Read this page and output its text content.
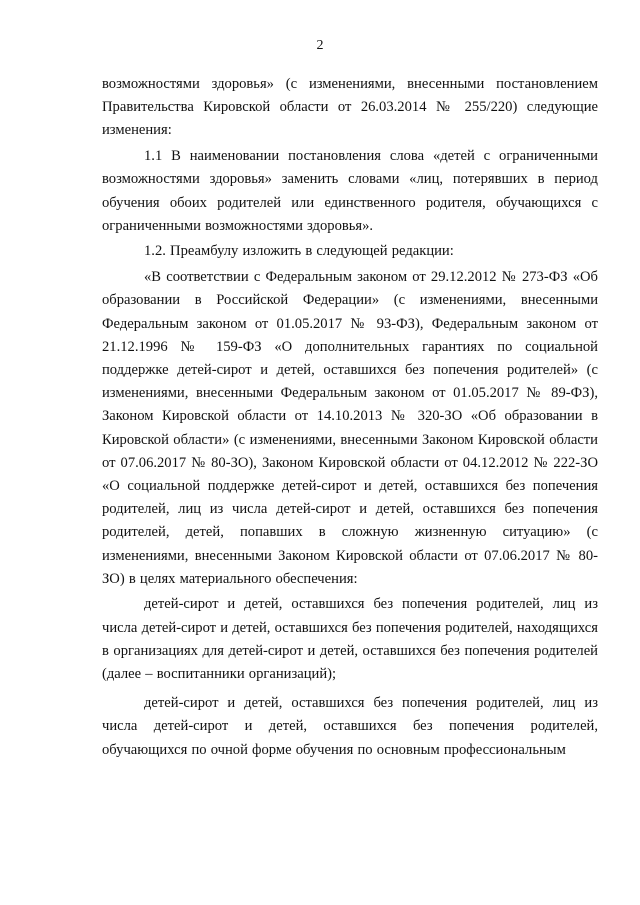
2

возможностями здоровья» (с изменениями, внесенными постановлением Правительства Кировской области от 26.03.2014 № 255/220) следующие изменения:

1.1 В наименовании постановления слова «детей с ограниченными возможностями здоровья» заменить словами «лиц, потерявших в период обучения обоих родителей или единственного родителя, обучающихся с ограниченными возможностями здоровья».

1.2. Преамбулу изложить в следующей редакции:

«В соответствии с Федеральным законом от 29.12.2012 № 273-ФЗ «Об образовании в Российской Федерации» (с изменениями, внесенными Федеральным законом от 01.05.2017 № 93-ФЗ), Федеральным законом от 21.12.1996 № 159-ФЗ «О дополнительных гарантиях по социальной поддержке детей-сирот и детей, оставшихся без попечения родителей» (с изменениями, внесенными Федеральным законом от 01.05.2017 № 89-ФЗ), Законом Кировской области от 14.10.2013 № 320-ЗО «Об образовании в Кировской области» (с изменениями, внесенными Законом Кировской области от 07.06.2017 № 80-ЗО), Законом Кировской области от 04.12.2012 № 222-ЗО «О социальной поддержке детей-сирот и детей, оставшихся без попечения родителей, лиц из числа детей-сирот и детей, оставшихся без попечения родителей, детей, попавших в сложную жизненную ситуацию» (с изменениями, внесенными Законом Кировской области от 07.06.2017 № 80-ЗО) в целях материального обеспечения:

детей-сирот и детей, оставшихся без попечения родителей, лиц из числа детей-сирот и детей, оставшихся без попечения родителей, находящихся в организациях для детей-сирот и детей, оставшихся без попечения родителей (далее – воспитанники организаций);

детей-сирот и детей, оставшихся без попечения родителей, лиц из числа детей-сирот и детей, оставшихся без попечения родителей, обучающихся по очной форме обучения по основным профессиональным
